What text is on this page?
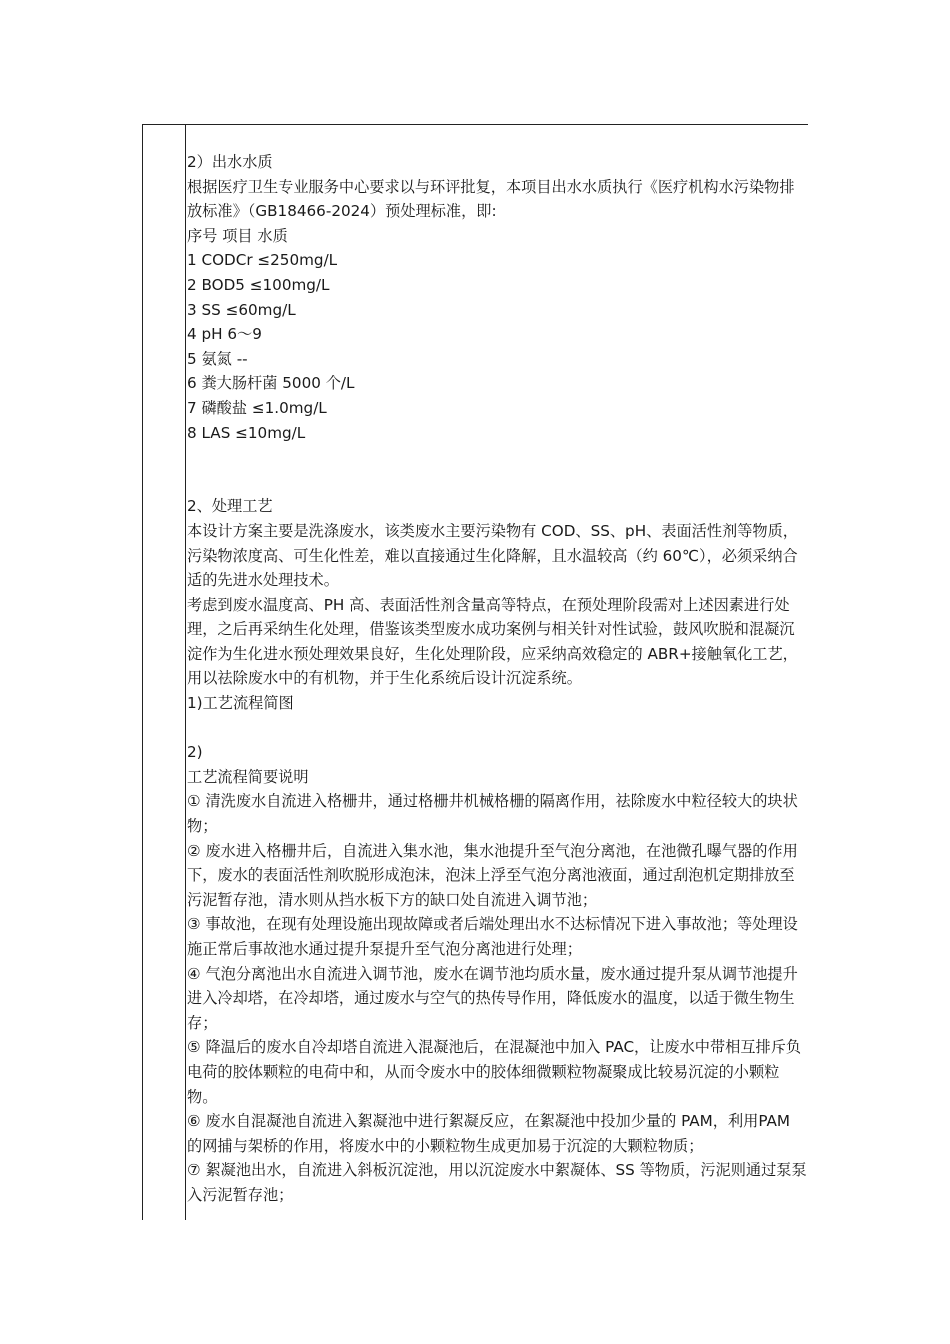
2）出水水质

根据医疗卫生专业服务中心要求以与环评批复，本项目出水水质执行《医疗机构水污染物排放标准》（GB18466-2024）预处理标准，即:

序号 项目 水质

1 CODCr ≤250mg/L

2 BOD5 ≤100mg/L

3 SS ≤60mg/L

4 pH 6～9

5 氨氮 --

6 粪大肠杆菌 5000 个/L

7 磷酸盐 ≤1.0mg/L

8 LAS ≤10mg/L

2、处理工艺

本设计方案主要是洗涤废水，该类废水主要污染物有 COD、SS、pH、表面活性剂等物质，污染物浓度高、可生化性差，难以直接通过生化降解，且水温较高（约 60℃），必须采纳合适的先进水处理技术。

考虑到废水温度高、PH 高、表面活性剂含量高等特点，在预处理阶段需对上述因素进行处理，之后再采纳生化处理，借鉴该类型废水成功案例与相关针对性试验，鼓风吹脱和混凝沉淀作为生化进水预处理效果良好，生化处理阶段，应采纳高效稳定的 ABR+接触氧化工艺，用以祛除废水中的有机物，并于生化系统后设计沉淀系统。

1)工艺流程简图

2)

工艺流程简要说明

① 清洗废水自流进入格栅井，通过格栅井机械格栅的隔离作用，祛除废水中粒径较大的块状物；

② 废水进入格栅井后，自流进入集水池，集水池提升至气泡分离池，在池微孔曝气器的作用下，废水的表面活性剂吹脱形成泡沫，泡沫上浮至气泡分离池液面，通过刮泡机定期排放至污泥暂存池，清水则从挡水板下方的缺口处自流进入调节池；

③ 事故池，在现有处理设施出现故障或者后端处理出水不达标情况下进入事故池；等处理设施正常后事故池水通过提升泵提升至气泡分离池进行处理；

④ 气泡分离池出水自流进入调节池，废水在调节池均质水量，废水通过提升泵从调节池提升进入冷却塔，在冷却塔，通过废水与空气的热传导作用，降低废水的温度，以适于微生物生存；

⑤ 降温后的废水自冷却塔自流进入混凝池后，在混凝池中加入 PAC，让废水中带相互排斥负电荷的胶体颗粒的电荷中和，从而令废水中的胶体细微颗粒物凝聚成比较易沉淀的小颗粒物。

⑥ 废水自混凝池自流进入絮凝池中进行絮凝反应，在絮凝池中投加少量的 PAM，利用PAM 的网捕与架桥的作用，将废水中的小颗粒物生成更加易于沉淀的大颗粒物质；

⑦ 絮凝池出水，自流进入斜板沉淀池，用以沉淀废水中絮凝体、SS 等物质，污泥则通过泵泵入污泥暂存池；
